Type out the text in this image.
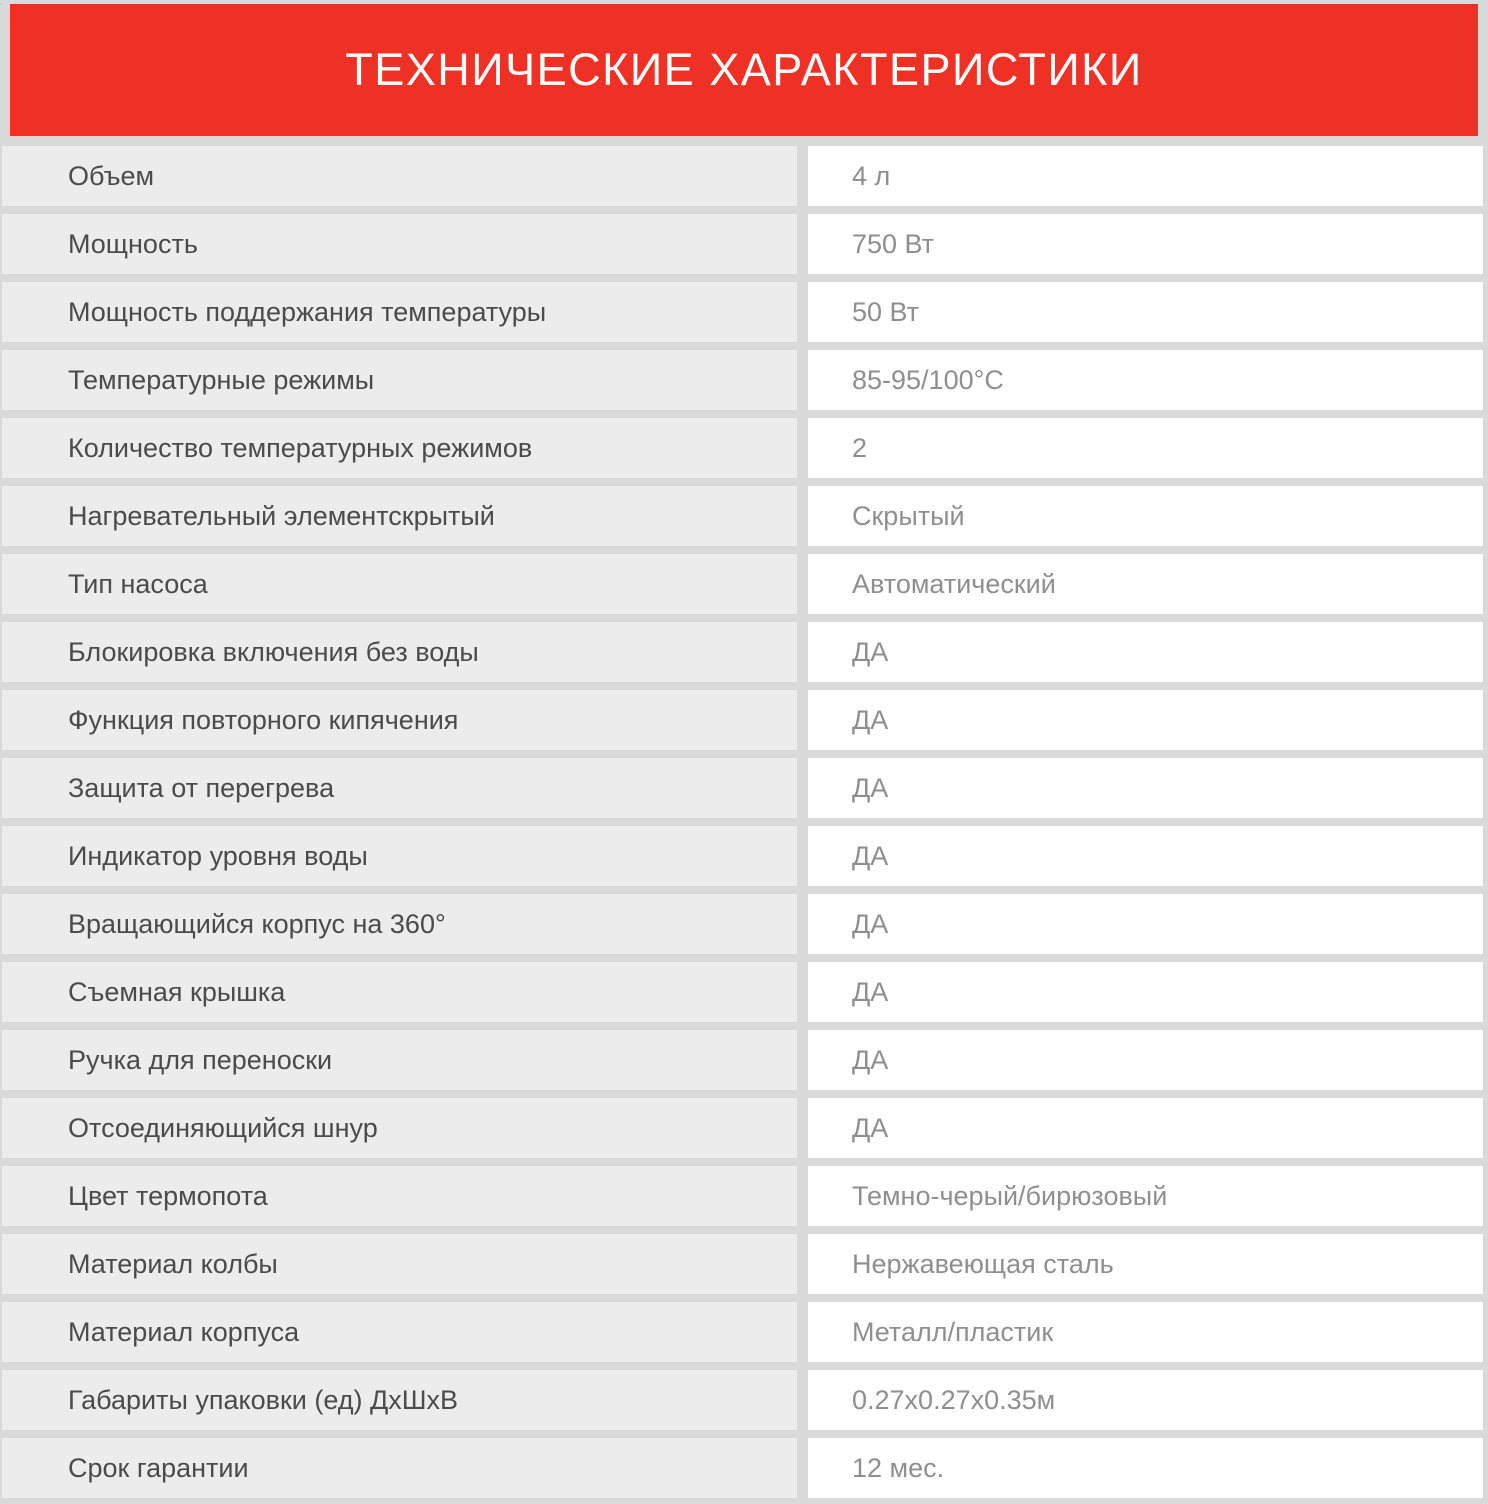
ТЕХНИЧЕСКИЕ ХАРАКТЕРИСТИКИ
Объем	4 л
Мощность	750 Вт
Мощность поддержания температуры	50 Вт
Температурные режимы	85-95/100°C
Количество температурных режимов	2
Нагревательный элементскрытый	Скрытый
Тип насоса	Автоматический
Блокировка включения без воды	ДА
Функция повторного кипячения	ДА
Защита от перегрева	ДА
Индикатор уровня воды	ДА
Вращающийся корпус на 360°	ДА
Съемная крышка	ДА
Ручка для переноски	ДА
Отсоединяющийся шнур	ДА
Цвет термопота	Темно-черый/бирюзовый
Материал колбы	Нержавеющая сталь
Материал корпуса	Металл/пластик
Габариты упаковки (ед) ДхШхВ	0.27х0.27х0.35м
Срок гарантии	12 мес.
